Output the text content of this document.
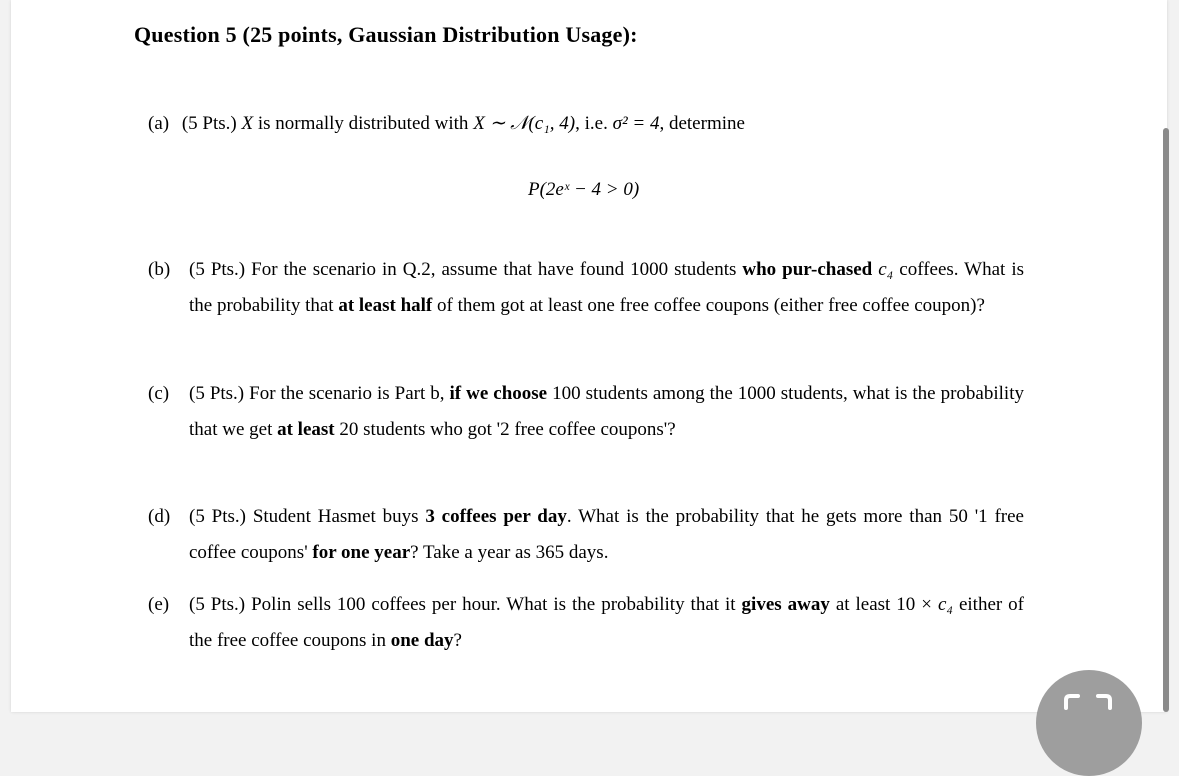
Question 5 (25 points, Gaussian Distribution Usage):
(a) (5 Pts.) X is normally distributed with X ∼ 𝒩(c₁, 4), i.e. σ² = 4, determine
P(2eˣ − 4 > 0)
(b) (5 Pts.) For the scenario in Q.2, assume that have found 1000 students who pur-chased c₄ coffees. What is the probability that at least half of them got at least one free coffee coupons (either free coffee coupon)?
(c) (5 Pts.) For the scenario is Part b, if we choose 100 students among the 1000 students, what is the probability that we get at least 20 students who got '2 free coffee coupons'?
(d) (5 Pts.) Student Hasmet buys 3 coffees per day. What is the probability that he gets more than 50 '1 free coffee coupons' for one year? Take a year as 365 days.
(e) (5 Pts.) Polin sells 100 coffees per hour. What is the probability that it gives away at least 10 × c₄ either of the free coffee coupons in one day?
